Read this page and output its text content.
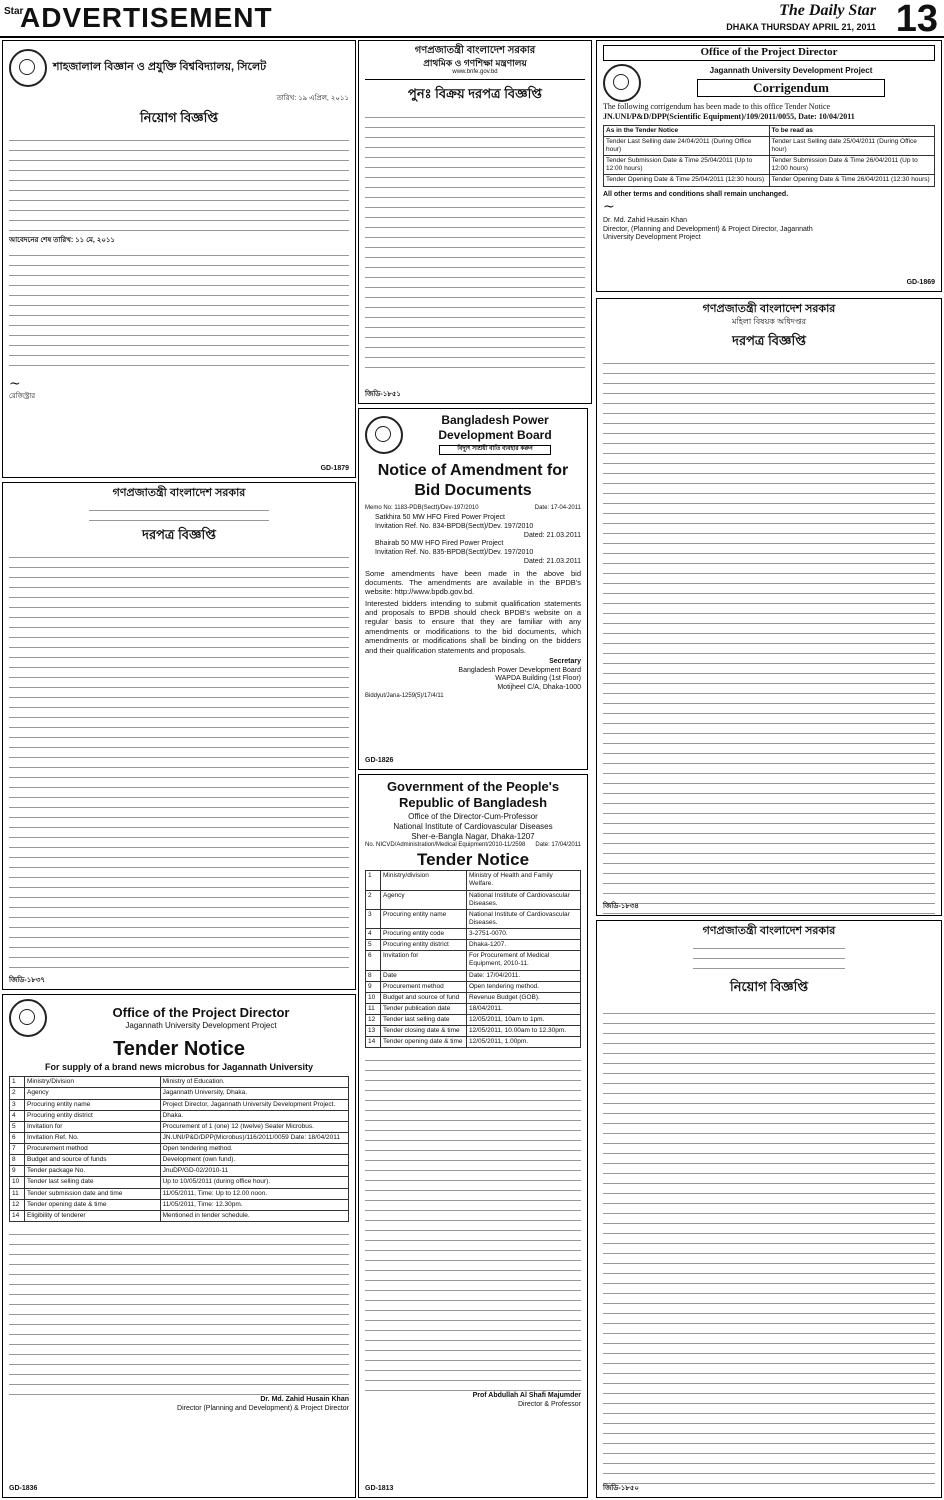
Star
ADVERTISEMENT	The Daily Star
DHAKA THURSDAY APRIL 21, 2011 13
শাহজালাল বিজ্ঞান ও প্রযুক্তি বিশ্ববিদ্যালয়, সিলেট
তারিখ: ১৯ এপ্রিল, ২০১১
নিয়োগ বিজ্ঞপ্তি
আবেদনের শেষ তারিখ: ১১ মে, ২০১১
~
রেজিস্ট্রার
GD-1879
গণপ্রজাতন্ত্রী বাংলাদেশ সরকার
প্রাথমিক ও গণশিক্ষা মন্ত্রণালয়
www.bnfe.gov.bd
পুনঃ বিক্রয় দরপত্র বিজ্ঞপ্তি
জিডি-১৮৫১
Office of the Project Director
Jagannath University Development Project
Corrigendum
The following corrigendum has been made to this office Tender Notice
JN.UNI/P&D/DPP(Scientific Equipment)/109/2011/0055, Date: 10/04/2011
As in the Tender Notice	To be read as
Tender Last Selling date 24/04/2011 (During Office hour)	Tender Last Selling date 25/04/2011 (During Office hour)
Tender Submission Date & Time 25/04/2011 (Up to 12:00 hours)	Tender Submission Date & Time 26/04/2011 (Up to 12:00 hours)
Tender Opening Date & Time 25/04/2011 (12:30 hours)	Tender Opening Date & Time 26/04/2011 (12:30 hours)
All other terms and conditions shall remain unchanged.
~
Dr. Md. Zahid Husain Khan
Director, (Planning and Development) & Project Director, Jagannath University Development Project
GD-1869
গণপ্রজাতন্ত্রী বাংলাদেশ সরকার
দরপত্র বিজ্ঞপ্তি
জিডি-১৮৩৭
Bangladesh Power Development Board
বিদ্যুৎ সাশ্রয়ী বাতি ব্যবহার করুন
Notice of Amendment for Bid Documents
Memo No: 1183-PDB(Sectt)/Dev-197/2010	Date: 17-04-2011
Satkhira 50 MW HFO Fired Power Project
Invitation Ref. No. 834-BPDB(Sectt)/Dev. 197/2010
Dated: 21.03.2011
Bhairab 50 MW HFO Fired Power Project
Invitation Ref. No. 835-BPDB(Sectt)/Dev. 197/2010
Dated: 21.03.2011
Some amendments have been made in the above bid documents. The amendments are available in the BPDB's website: http://www.bpdb.gov.bd.
Interested bidders intending to submit qualification statements and proposals to BPDB should check BPDB's website on a regular basis to ensure that they are familiar with any amendments or modifications to the bid documents, which amendments or modifications shall be binding on the bidders and their qualification statements and proposals.
Secretary
Bangladesh Power Development Board
WAPDA Building (1st Floor)
Motijheel C/A, Dhaka-1000
Biddyut/Jana-1259(5)/17/4/11
GD-1826
গণপ্রজাতন্ত্রী বাংলাদেশ সরকার
মহিলা বিষয়ক অধিদপ্তর
দরপত্র বিজ্ঞপ্তি
জিডি-১৮৩৪
Office of the Project Director
Jagannath University Development Project
Tender Notice
For supply of a brand news microbus for Jagannath University
1	Ministry/Division	Ministry of Education.
2	Agency	Jagannath University, Dhaka.
3	Procuring entity name	Project Director, Jagannath University Development Project.
4	Procuring entity district	Dhaka.
5	Invitation for	Procurement of 1 (one) 12 (twelve) Seater Microbus.
6	Invitation Ref. No.	JN.UNI/P&D/DPP(Microbus)/116/2011/0059 Date: 18/04/2011
7	Procurement method	Open tendering method.
8	Budget and source of funds	Development (own fund).
9	Tender package No.	JnuDP/GD-02/2010-11
10	Tender last selling date	Up to 10/05/2011 (during office hour).
11	Tender submission date and time	11/05/2011, Time: Up to 12.00 noon.
12	Tender opening date & time	11/05/2011, Time: 12.30pm.
14	Eligibility of tenderer	Mentioned in tender schedule.
Dr. Md. Zahid Husain Khan
Director (Planning and Development) & Project Director
GD-1836
Government of the People's Republic of Bangladesh
Office of the Director-Cum-Professor
National Institute of Cardiovascular Diseases
Sher-e-Bangla Nagar, Dhaka-1207
No. NICVD/Administration/Medical Equipment/2010-11/2598 Date: 17/04/2011
Tender Notice
1	Ministry/division	Ministry of Health and Family Welfare.
2	Agency	National Institute of Cardiovascular Diseases.
3	Procuring entity name	National Institute of Cardiovascular Diseases.
4	Procuring entity code	3-2751-0070.
5	Procuring entity district	Dhaka-1207.
6	Invitation for	For Procurement of Medical Equipment, 2010-11.
8	Date	Date: 17/04/2011.
9	Procurement method	Open tendering method.
10	Budget and source of fund	Revenue Budget (GOB).
11	Tender publication date	18/04/2011.
12	Tender last selling date	12/05/2011, 10am to 1pm.
13	Tender closing date & time	12/05/2011, 10.00am to 12.30pm.
14	Tender opening date & time	12/05/2011, 1.00pm.
Prof Abdullah Al Shafi Majumder
Director & Professor
GD-1813
গণপ্রজাতন্ত্রী বাংলাদেশ সরকার
নিয়োগ বিজ্ঞপ্তি
জিডি-১৮৫০
